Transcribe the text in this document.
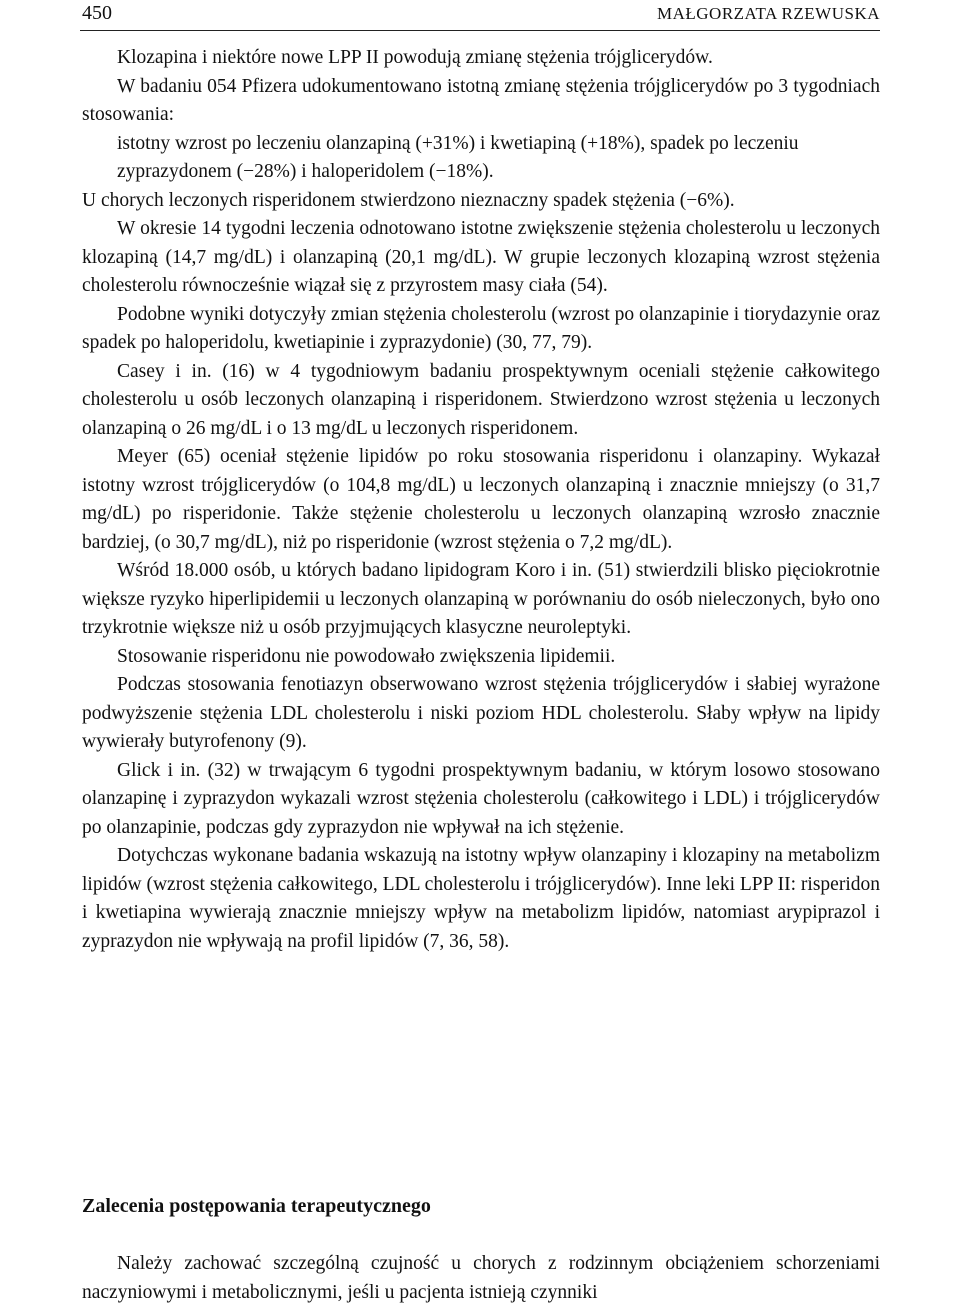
450	MAŁGORZATA RZEWUSKA

Klozapina i niektóre nowe LPP II powodują zmianę stężenia trójglicerydów.

W badaniu 054 Pfizera udokumentowano istotną zmianę stężenia trójglicerydów po 3 tygodniach stosowania:

istotny wzrost po leczeniu olanzapiną (+31%) i kwetiapiną (+18%), spadek po leczeniu zyprazydonem (−28%) i haloperidolem (−18%).

U chorych leczonych risperidonem stwierdzono nieznaczny spadek stężenia (−6%).

W okresie 14 tygodni leczenia odnotowano istotne zwiększenie stężenia cholesterolu u leczonych klozapiną (14,7 mg/dL) i olanzapiną (20,1 mg/dL). W grupie leczonych klozapiną wzrost stężenia cholesterolu równocześnie wiązał się z przyrostem masy ciała (54).

Podobne wyniki dotyczyły zmian stężenia cholesterolu (wzrost po olanzapinie i tiorydazynie oraz spadek po haloperidolu, kwetiapinie i zyprazydonie) (30, 77, 79).

Casey i in. (16) w 4 tygodniowym badaniu prospektywnym oceniali stężenie całkowitego cholesterolu u osób leczonych olanzapiną i risperidonem. Stwierdzono wzrost stężenia u leczonych olanzapiną o 26 mg/dL i o 13 mg/dL u leczonych risperidonem.

Meyer (65) oceniał stężenie lipidów po roku stosowania risperidonu i olanzapiny. Wykazał istotny wzrost trójglicerydów (o 104,8 mg/dL) u leczonych olanzapiną i znacznie mniejszy (o 31,7 mg/dL) po risperidonie. Także stężenie cholesterolu u leczonych olanzapiną wzrosło znacznie bardziej, (o 30,7 mg/dL), niż po risperidonie (wzrost stężenia o 7,2 mg/dL).

Wśród 18.000 osób, u których badano lipidogram Koro i in. (51) stwierdzili blisko pięciokrotnie większe ryzyko hiperlipidemii u leczonych olanzapiną w porównaniu do osób nieleczonych, było ono trzykrotnie większe niż u osób przyjmujących klasyczne neuroleptyki.

Stosowanie risperidonu nie powodowało zwiększenia lipidemii.

Podczas stosowania fenotiazyn obserwowano wzrost stężenia trójglicerydów i słabiej wyrażone podwyższenie stężenia LDL cholesterolu i niski poziom HDL cholesterolu. Słaby wpływ na lipidy wywierały butyrofenony (9).

Glick i in. (32) w trwającym 6 tygodni prospektywnym badaniu, w którym losowo stosowano olanzapinę i zyprazydon wykazali wzrost stężenia cholesterolu (całkowitego i LDL) i trójglicerydów po olanzapinie, podczas gdy zyprazydon nie wpływał na ich stężenie.

Dotychczas wykonane badania wskazują na istotny wpływ olanzapiny i klozapiny na metabolizm lipidów (wzrost stężenia całkowitego, LDL cholesterolu i trójglicerydów). Inne leki LPP II: risperidon i kwetiapina wywierają znacznie mniejszy wpływ na metabolizm lipidów, natomiast arypiprazol i zyprazydon nie wpływają na profil lipidów (7, 36, 58).

Zalecenia postępowania terapeutycznego

Należy zachować szczególną czujność u chorych z rodzinnym obciążeniem schorzeniami naczyniowymi i metabolicznymi, jeśli u pacjenta istnieją czynniki
